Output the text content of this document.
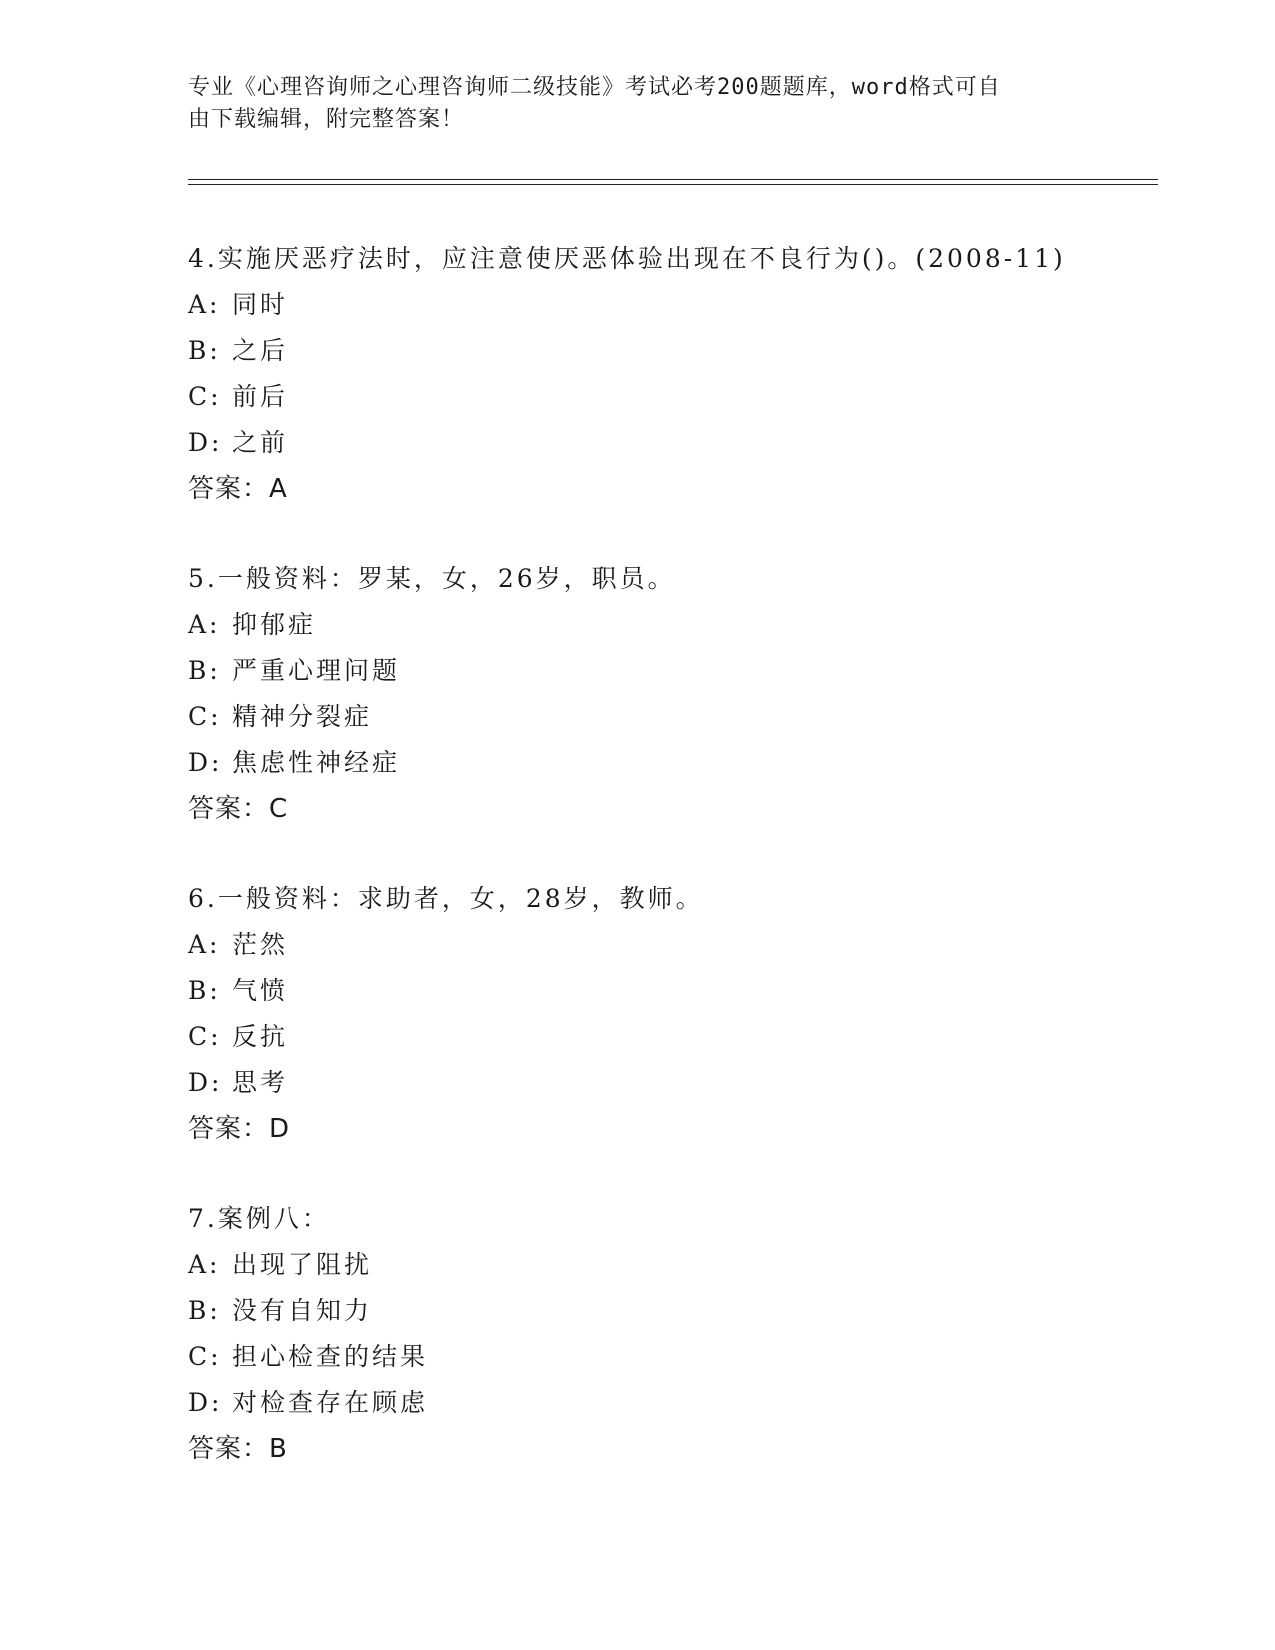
专业《心理咨询师之心理咨询师二级技能》考试必考200题题库，word格式可自
由下载编辑，附完整答案！

4.实施厌恶疗法时，应注意使厌恶体验出现在不良行为()。(2008-11)

A: 同时

B: 之后

C: 前后

D: 之前

答案：A

5.一般资料：罗某，女，26岁，职员。

A: 抑郁症

B: 严重心理问题

C: 精神分裂症

D: 焦虑性神经症

答案：C

6.一般资料：求助者，女，28岁，教师。

A: 茫然

B: 气愤

C: 反抗

D: 思考

答案：D

7.案例八：

A: 出现了阻扰

B: 没有自知力

C: 担心检查的结果

D: 对检查存在顾虑

答案：B
